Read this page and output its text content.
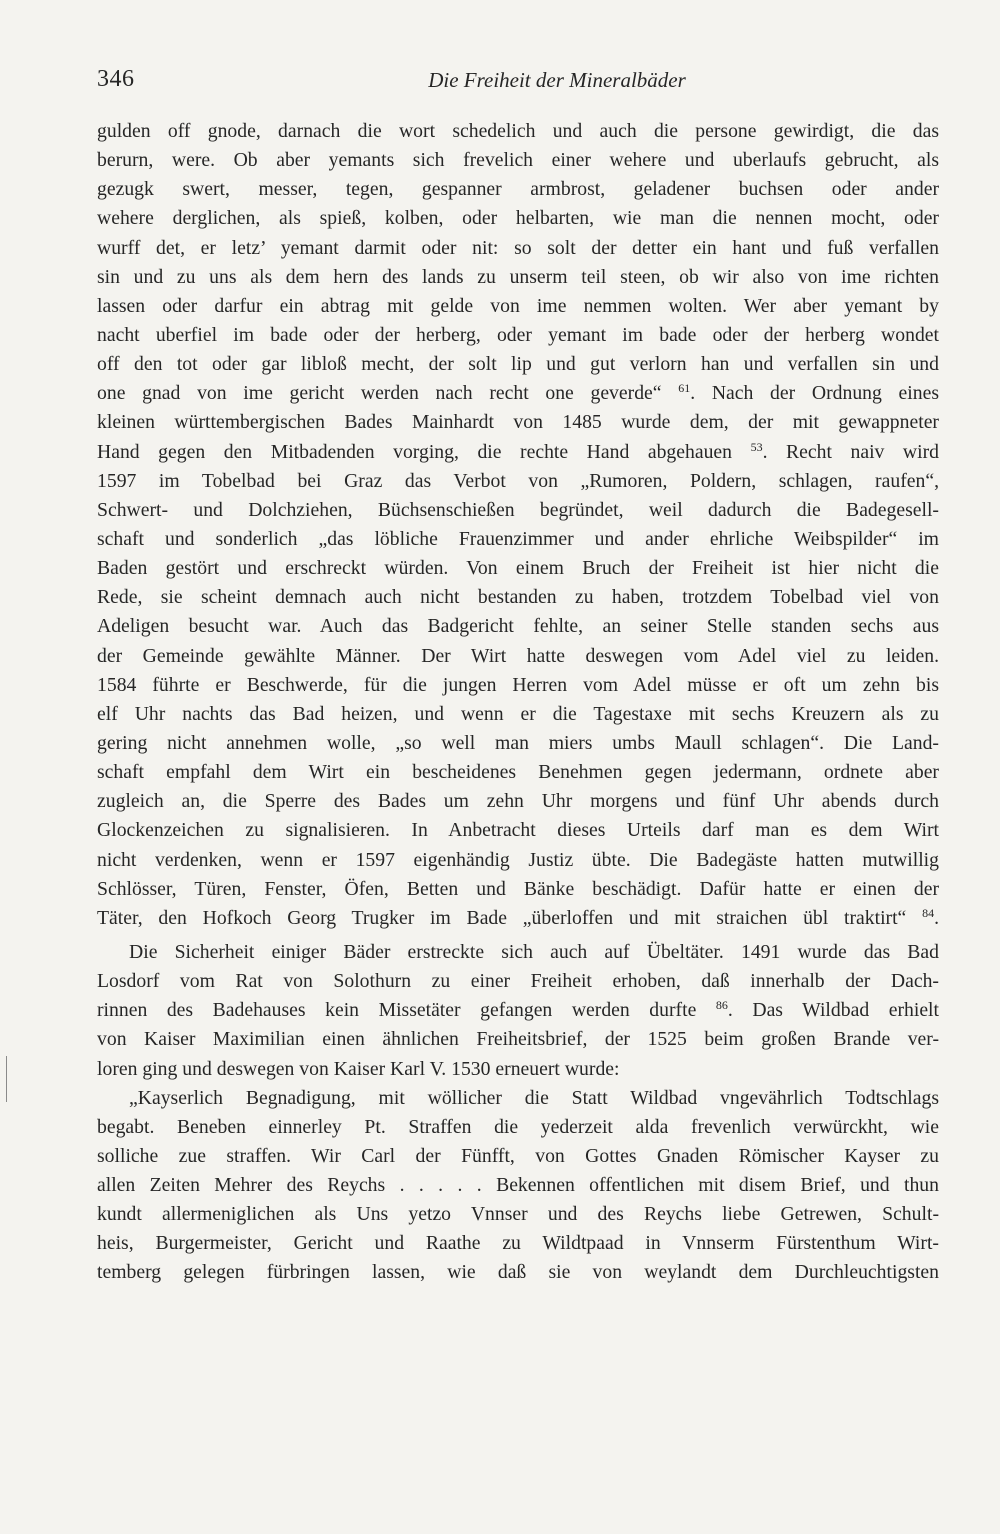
346	Die Freiheit der Mineralbäder
gulden off gnode, darnach die wort schedelich und auch die persone gewirdigt, die das
berurn, were. Ob aber yemants sich frevelich einer wehere und uberlaufs gebrucht, als
gezugk swert, messer, tegen, gespanner armbrost, geladener buchsen oder ander
wehere derglichen, als spieß, kolben, oder helbarten, wie man die nennen mocht, oder
wurff det, er letz’ yemant darmit oder nit: so solt der detter ein hant und fuß verfallen
sin und zu uns als dem hern des lands zu unserm teil steen, ob wir also von ime richten
lassen oder darfur ein abtrag mit gelde von ime nemmen wolten. Wer aber yemant by
nacht uberfiel im bade oder der herberg, oder yemant im bade oder der herberg wondet
off den tot oder gar libloß mecht, der solt lip und gut verlorn han und verfallen sin und
one gnad von ime gericht werden nach recht one geverde“ $^{61}$. Nach der Ordnung eines
kleinen württembergischen Bades Mainhardt von 1485 wurde dem, der mit gewappneter
Hand gegen den Mitbadenden vorging, die rechte Hand abgehauen $^{53}$. Recht naiv wird
1597 im Tobelbad bei Graz das Verbot von „Rumoren, Poldern, schlagen, raufen“,
Schwert- und Dolchziehen, Büchsenschießen begründet, weil dadurch die Badegesell-
schaft und sonderlich „das löbliche Frauenzimmer und ander ehrliche Weibspilder“ im
Baden gestört und erschreckt würden. Von einem Bruch der Freiheit ist hier nicht die
Rede, sie scheint demnach auch nicht bestanden zu haben, trotzdem Tobelbad viel von
Adeligen besucht war. Auch das Badgericht fehlte, an seiner Stelle standen sechs aus
der Gemeinde gewählte Männer. Der Wirt hatte deswegen vom Adel viel zu leiden.
1584 führte er Beschwerde, für die jungen Herren vom Adel müsse er oft um zehn bis
elf Uhr nachts das Bad heizen, und wenn er die Tagestaxe mit sechs Kreuzern als zu
gering nicht annehmen wolle, „so well man miers umbs Maull schlagen“. Die Land-
schaft empfahl dem Wirt ein bescheidenes Benehmen gegen jedermann, ordnete aber
zugleich an, die Sperre des Bades um zehn Uhr morgens und fünf Uhr abends durch
Glockenzeichen zu signalisieren. In Anbetracht dieses Urteils darf man es dem Wirt
nicht verdenken, wenn er 1597 eigenhändig Justiz übte. Die Badegäste hatten mutwillig
Schlösser, Türen, Fenster, Öfen, Betten und Bänke beschädigt. Dafür hatte er einen der
Täter, den Hofkoch Georg Trugker im Bade „überloffen und mit straichen übl traktirt“ $^{84}$.
Die Sicherheit einiger Bäder erstreckte sich auch auf Übeltäter. 1491 wurde das Bad
Losdorf vom Rat von Solothurn zu einer Freiheit erhoben, daß innerhalb der Dach-
rinnen des Badehauses kein Missetäter gefangen werden durfte $^{86}$. Das Wildbad erhielt
von Kaiser Maximilian einen ähnlichen Freiheitsbrief, der 1525 beim großen Brande ver-
loren ging und deswegen von Kaiser Karl V. 1530 erneuert wurde:
„Kayserlich Begnadigung, mit wöllicher die Statt Wildbad vngevährlich Todtschlags
begabt. Beneben einnerley Pt. Straffen die yederzeit alda frevenlich verwürckht, wie
solliche zue straffen. Wir Carl der Fünfft, von Gottes Gnaden Römischer Kayser zu
allen Zeiten Mehrer des Reychs . . . . . Bekennen offentlichen mit disem Brief, und thun
kundt allermeniglichen als Uns yetzo Vnnser und des Reychs liebe Getrewen, Schult-
heis, Burgermeister, Gericht und Raathe zu Wildtpaad in Vnnserm Fürstenthum Wirt-
temberg gelegen fürbringen lassen, wie daß sie von weylandt dem Durchleuchtigsten
